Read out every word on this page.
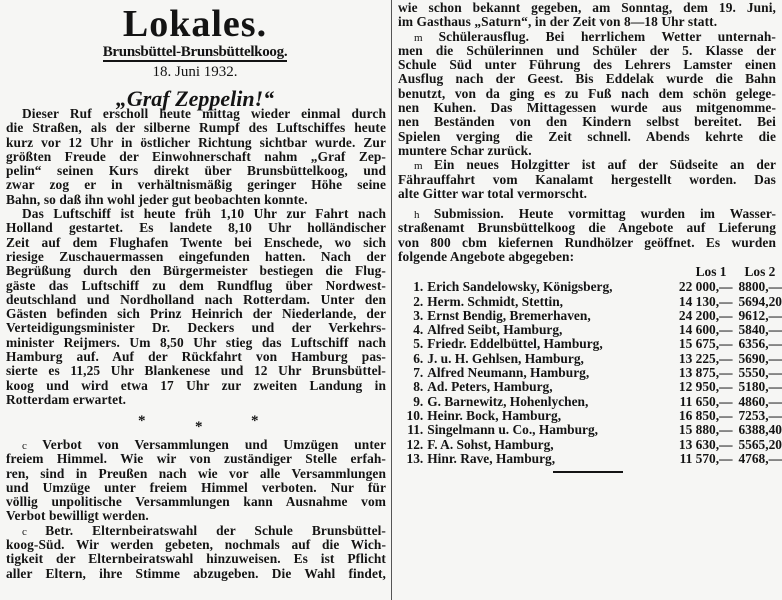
Lokales.
Brunsbüttel-Brunsbüttelkoog.
18. Juni 1932.
„Graf Zeppelin!“
Dieser Ruf erscholl heute mittag wieder einmal durch
die Straßen, als der silberne Rumpf des Luftschiffes heute
kurz vor 12 Uhr in östlicher Richtung sichtbar wurde. Zur
größten Freude der Einwohnerschaft nahm „Graf Zep-
pelin“ seinen Kurs direkt über Brunsbüttelkoog, und
zwar zog er in verhältnismäßig geringer Höhe seine
Bahn, so daß ihn wohl jeder gut beobachten konnte.
Das Luftschiff ist heute früh 1,10 Uhr zur Fahrt nach
Holland gestartet. Es landete 8,10 Uhr holländischer
Zeit auf dem Flughafen Twente bei Enschede, wo sich
riesige Zuschauermassen eingefunden hatten. Nach der
Begrüßung durch den Bürgermeister bestiegen die Flug-
gäste das Luftschiff zu dem Rundflug über Nordwest-
deutschland und Nordholland nach Rotterdam. Unter den
Gästen befinden sich Prinz Heinrich der Niederlande, der
Verteidigungsminister Dr. Deckers und der Verkehrs-
minister Reijmers. Um 8,50 Uhr stieg das Luftschiff nach
Hamburg auf. Auf der Rückfahrt von Hamburg pas-
sierte es 11,25 Uhr Blankenese und 12 Uhr Brunsbüttel-
koog und wird etwa 17 Uhr zur zweiten Landung in
Rotterdam erwartet.
c Verbot von Versammlungen und Umzügen unter
freiem Himmel. Wie wir von zuständiger Stelle erfah-
ren, sind in Preußen nach wie vor alle Versammlungen
und Umzüge unter freiem Himmel verboten. Nur für
völlig unpolitische Versammlungen kann Ausnahme vom
Verbot bewilligt werden.
c Betr. Elternbeiratswahl der Schule Brunsbüttel-
koog-Süd. Wir werden gebeten, nochmals auf die Wich-
tigkeit der Elternbeiratswahl hinzuweisen. Es ist Pflicht
aller Eltern, ihre Stimme abzugeben. Die Wahl findet,
*	*	*
wie schon bekannt gegeben, am Sonntag, dem 19. Juni,
im Gasthaus „Saturn“, in der Zeit von 8—18 Uhr statt.
m Schülerausflug. Bei herrlichem Wetter unternah-
men die Schülerinnen und Schüler der 5. Klasse der
Schule Süd unter Führung des Lehrers Lamster einen
Ausflug nach der Geest. Bis Eddelak wurde die Bahn
benutzt, von da ging es zu Fuß nach dem schön gelege-
nen Kuhen. Das Mittagessen wurde aus mitgenomme-
nen Beständen von den Kindern selbst bereitet. Bei
Spielen verging die Zeit schnell. Abends kehrte die
muntere Schar zurück.
m Ein neues Holzgitter ist auf der Südseite an der
Fährauffahrt vom Kanalamt hergestellt worden. Das
alte Gitter war total vermorscht.
h Submission. Heute vormittag wurden im Wasser-
straßenamt Brunsbüttelkoog die Angebote auf Lieferung
von 800 cbm kiefernen Rundhölzer geöffnet. Es wurden
folgende Angebote abgegeben:
		Los 1	Los 2
1.	Erich Sandelowsky, Königsberg,	22 000,—	8800,—
2.	Herm. Schmidt, Stettin,	14 130,—	5694,20
3.	Ernst Bendig, Bremerhaven,	24 200,—	9612,—
4.	Alfred Seibt, Hamburg,	14 600,—	5840,—
5.	Friedr. Eddelbüttel, Hamburg,	15 675,—	6356,—
6.	J. u. H. Gehlsen, Hamburg,	13 225,—	5690,—
7.	Alfred Neumann, Hamburg,	13 875,—	5550,—
8.	Ad. Peters, Hamburg,	12 950,—	5180,—
9.	G. Barnewitz, Hohenlychen,	11 650,—	4860,—
10.	Heinr. Bock, Hamburg,	16 850,—	7253,—
11.	Singelmann u. Co., Hamburg,	15 880,—	6388,40
12.	F. A. Sohst, Hamburg,	13 630,—	5565,20
13.	Hinr. Rave, Hamburg,	11 570,—	4768,—
